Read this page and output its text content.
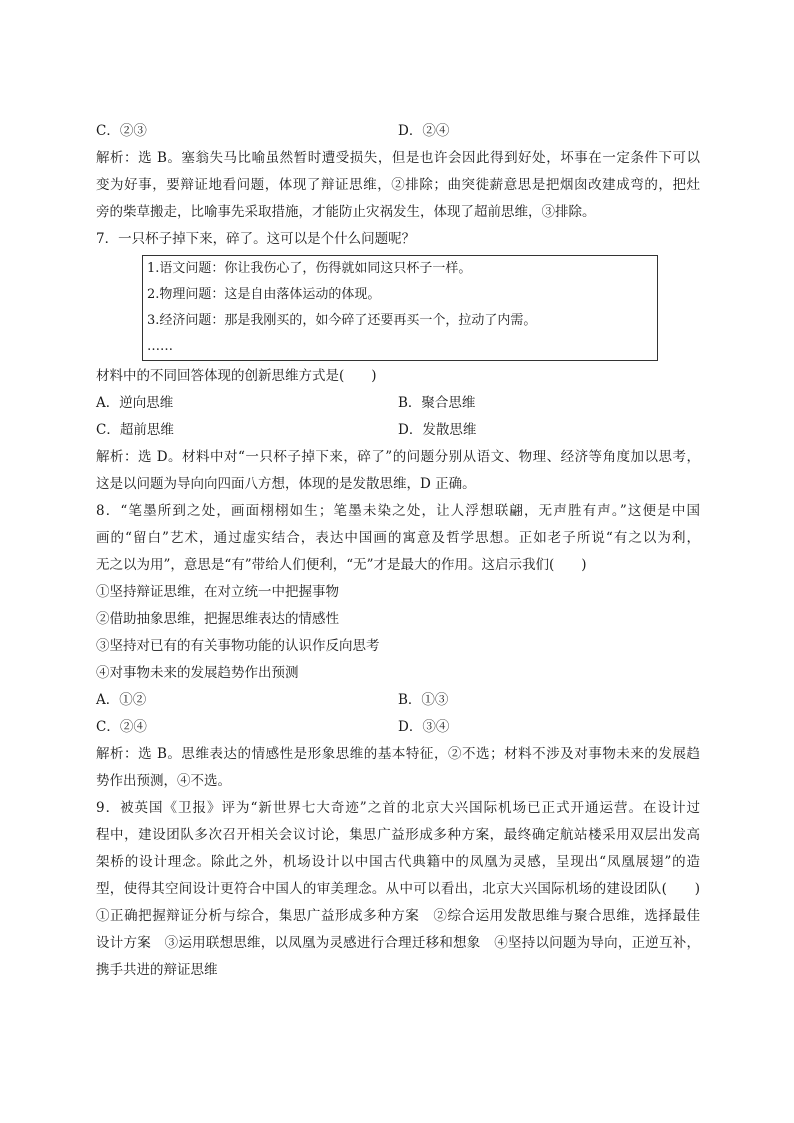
C．②③	D．②④
解析：选 B。塞翁失马比喻虽然暂时遭受损失，但是也许会因此得到好处，坏事在一定条件下可以
变为好事，要辩证地看问题，体现了辩证思维，②排除；曲突徙薪意思是把烟囱改建成弯的，把灶
旁的柴草搬走，比喻事先采取措施，才能防止灾祸发生，体现了超前思维，③排除。
7．一只杯子掉下来，碎了。这可以是个什么问题呢？
1.语文问题：你让我伤心了，伤得就如同这只杯子一样。
2.物理问题：这是自由落体运动的体现。
3.经济问题：那是我刚买的，如今碎了还要再买一个，拉动了内需。
……
材料中的不同回答体现的创新思维方式是(　　)
A．逆向思维	B．聚合思维
C．超前思维	D．发散思维
解析：选 D。材料中对“一只杯子掉下来，碎了”的问题分别从语文、物理、经济等角度加以思考，
这是以问题为导向向四面八方想，体现的是发散思维，D 正确。
8．“笔墨所到之处，画面栩栩如生；笔墨未染之处，让人浮想联翩，无声胜有声。”这便是中国
画的“留白”艺术，通过虚实结合，表达中国画的寓意及哲学思想。正如老子所说“有之以为利，
无之以为用”，意思是“有”带给人们便利，“无”才是最大的作用。这启示我们(　　)
①坚持辩证思维，在对立统一中把握事物
②借助抽象思维，把握思维表达的情感性
③坚持对已有的有关事物功能的认识作反向思考
④对事物未来的发展趋势作出预测
A．①②	B．①③
C．②④	D．③④
解析：选 B。思维表达的情感性是形象思维的基本特征，②不选；材料不涉及对事物未来的发展趋
势作出预测，④不选。
9．被英国《卫报》评为“新世界七大奇迹”之首的北京大兴国际机场已正式开通运营。在设计过
程中，建设团队多次召开相关会议讨论，集思广益形成多种方案，最终确定航站楼采用双层出发高
架桥的设计理念。除此之外，机场设计以中国古代典籍中的凤凰为灵感，呈现出“凤凰展翅”的造
型，使得其空间设计更符合中国人的审美理念。从中可以看出，北京大兴国际机场的建设团队(　　)
①正确把握辩证分析与综合，集思广益形成多种方案　②综合运用发散思维与聚合思维，选择最佳
设计方案　③运用联想思维，以凤凰为灵感进行合理迁移和想象　④坚持以问题为导向，正逆互补，
携手共进的辩证思维
